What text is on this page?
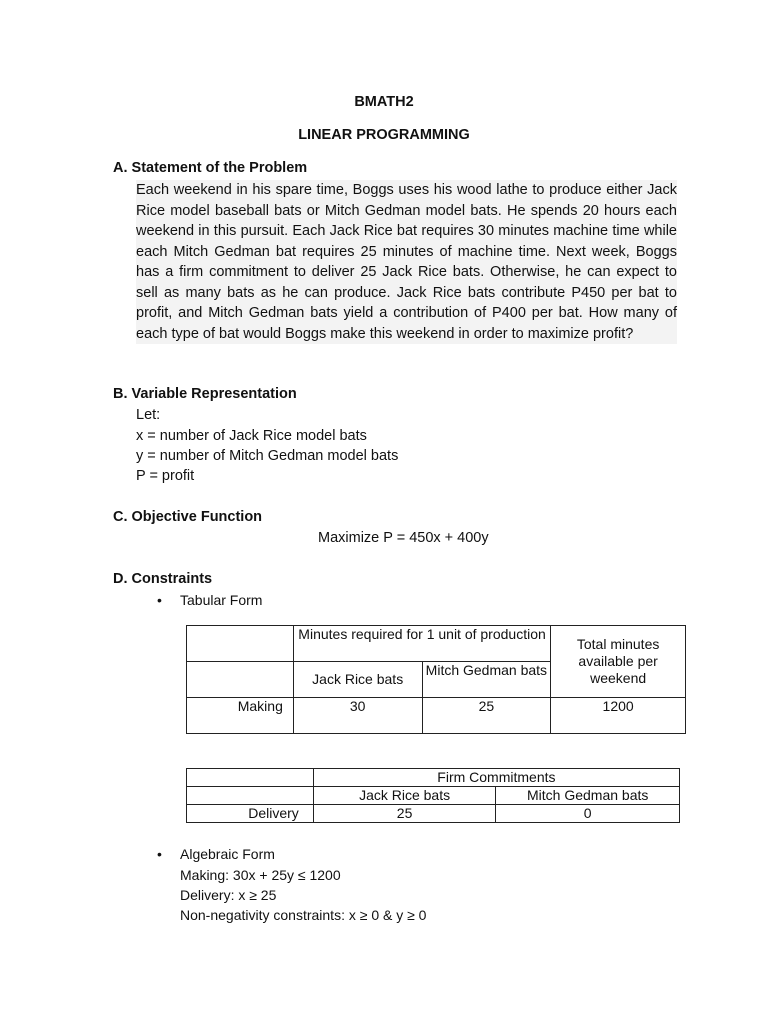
BMATH2
LINEAR PROGRAMMING
A. Statement of the Problem
Each weekend in his spare time, Boggs uses his wood lathe to produce either Jack Rice model baseball bats or Mitch Gedman model bats. He spends 20 hours each weekend in this pursuit. Each Jack Rice bat requires 30 minutes machine time while each Mitch Gedman bat requires 25 minutes of machine time. Next week, Boggs has a firm commitment to deliver 25 Jack Rice bats. Otherwise, he can expect to sell as many bats as he can produce. Jack Rice bats contribute P450 per bat to profit, and Mitch Gedman bats yield a contribution of P400 per bat. How many of each type of bat would Boggs make this weekend in order to maximize profit?
B. Variable Representation
Let:
x = number of Jack Rice model bats
y = number of Mitch Gedman model bats
P = profit
C. Objective Function
Maximize P = 450x + 400y
D. Constraints
• Tabular Form
	Minutes required for 1 unit of production		Total minutes available per weekend
	Jack Rice bats	Mitch Gedman bats	
Making	30	25	1200
	Firm Commitments	
	Jack Rice bats	Mitch Gedman bats
Delivery	25	0
• Algebraic Form
Making: 30x + 25y ≤ 1200
Delivery: x ≥ 25
Non-negativity constraints: x ≥ 0 & y ≥ 0
